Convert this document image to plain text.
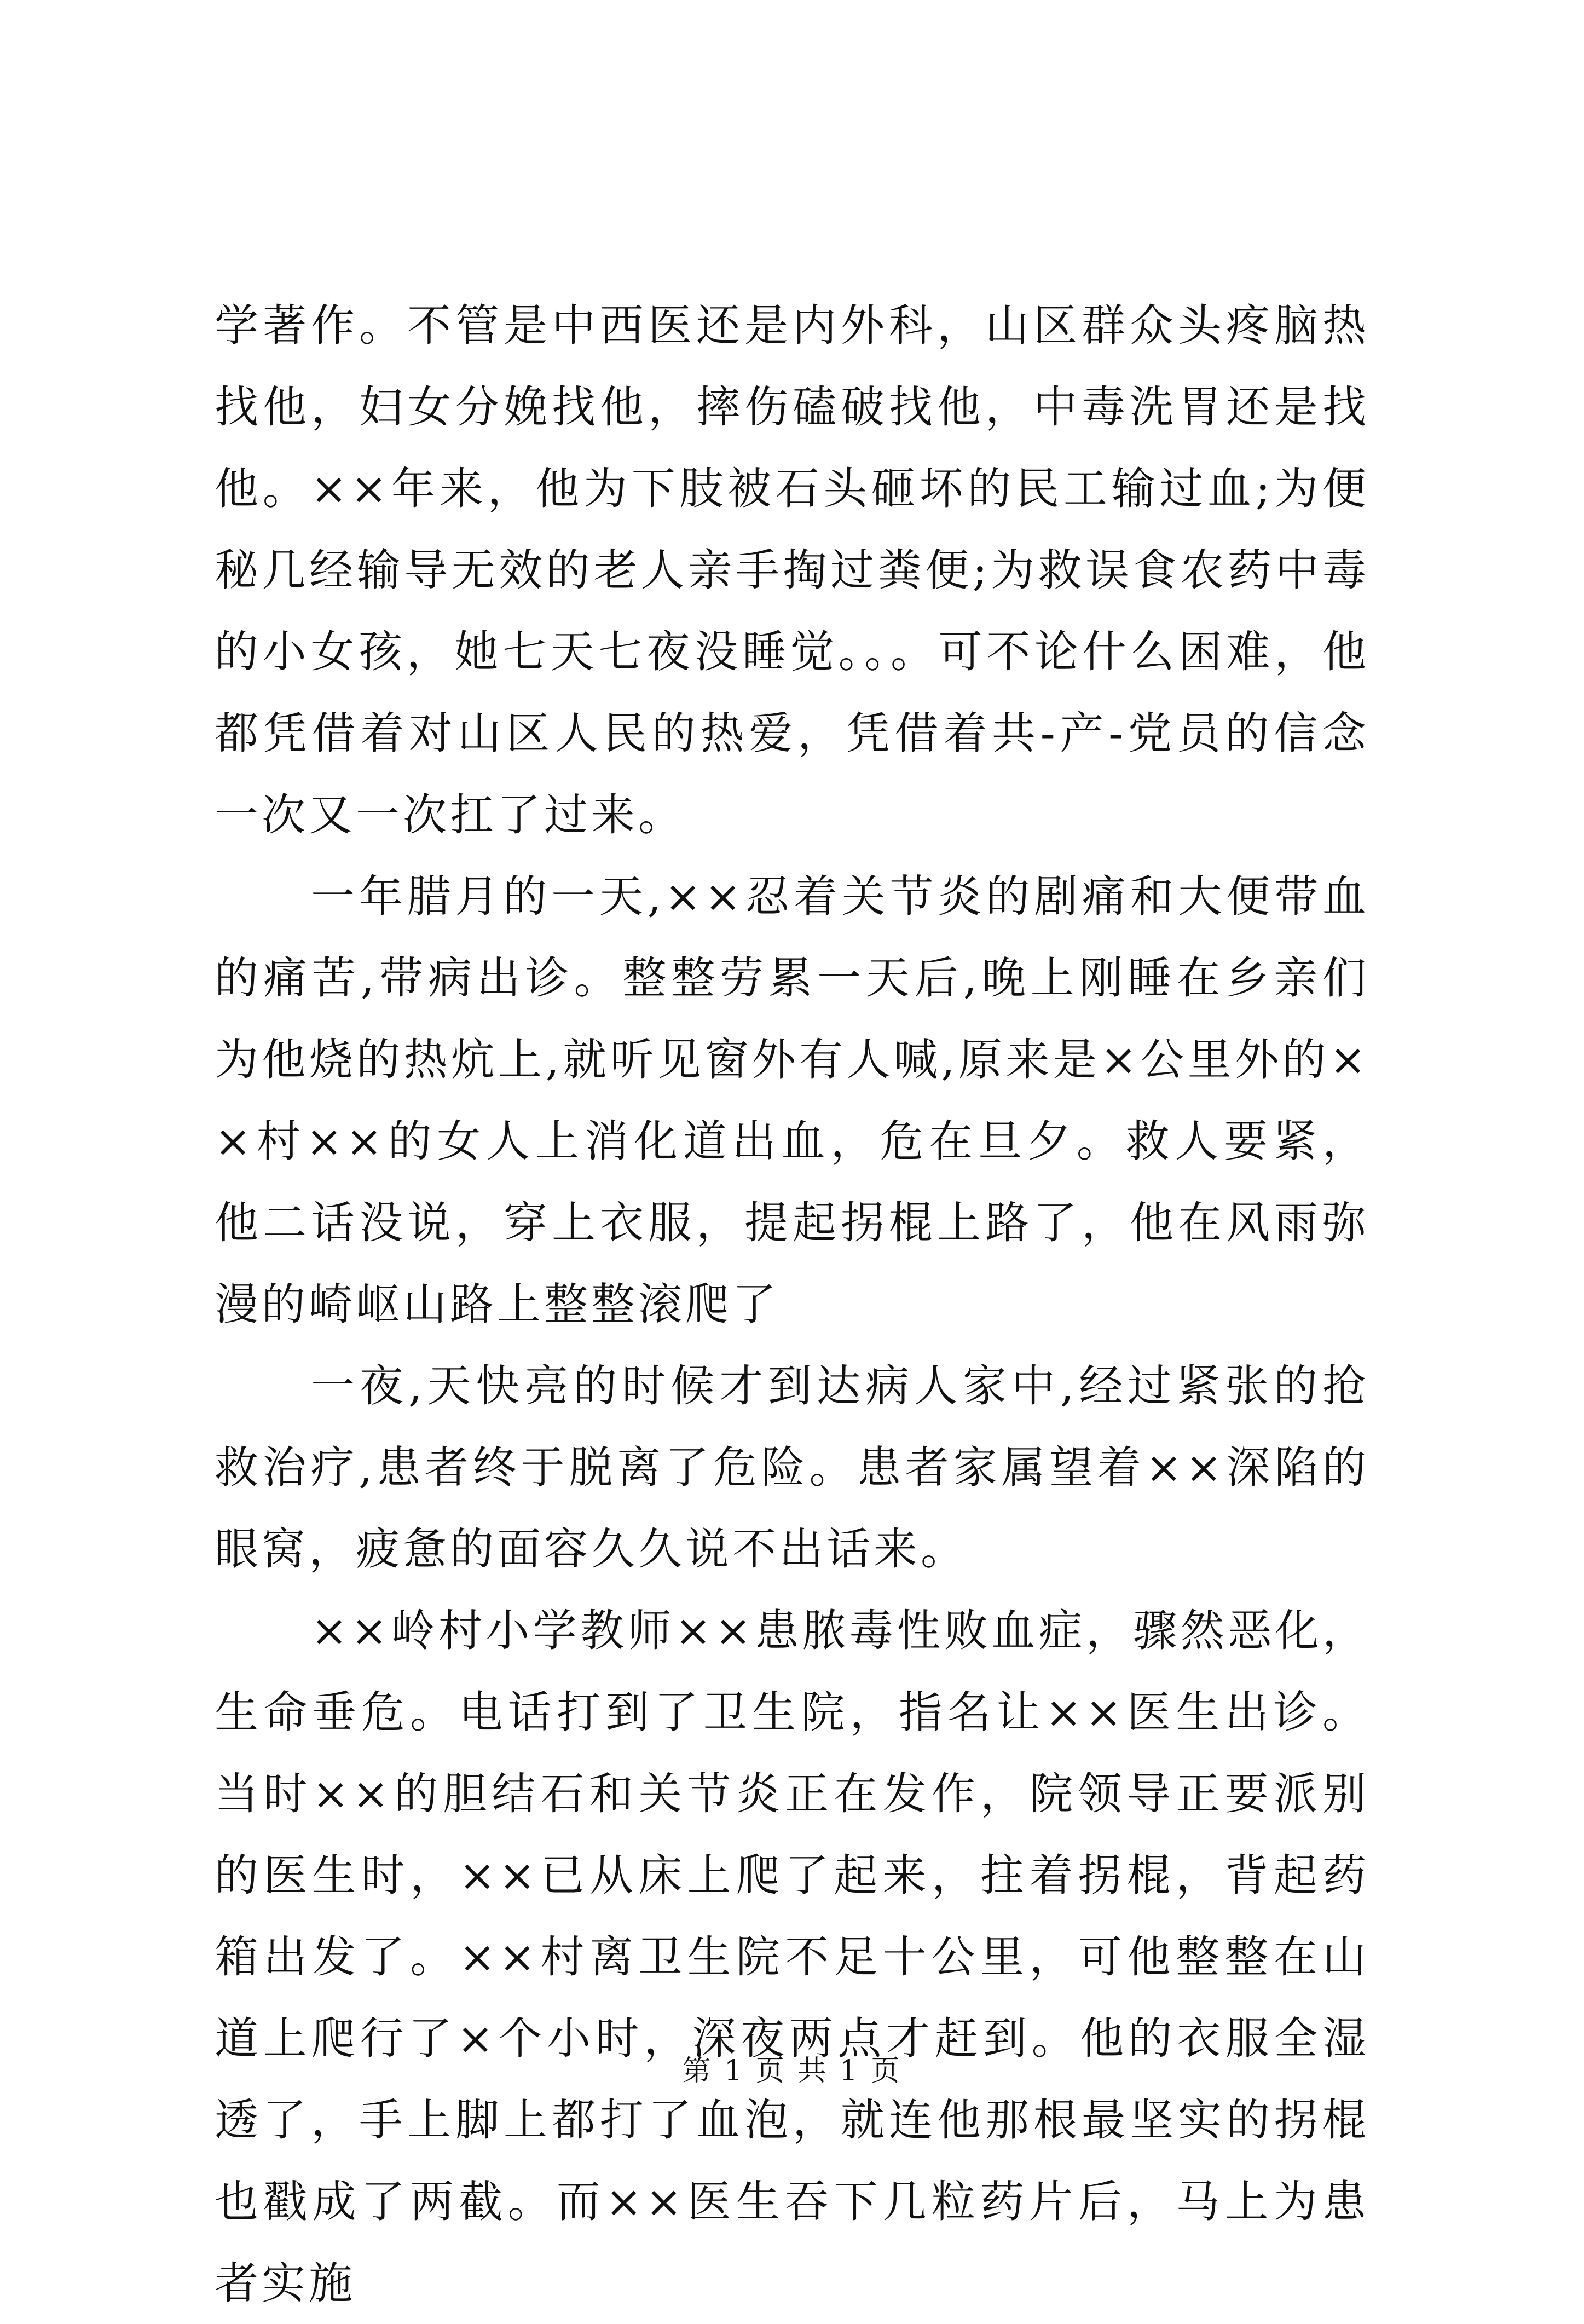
学著作。不管是中西医还是内外科，山区群众头疼脑热找他，妇女分娩找他，摔伤磕破找他，中毒洗胃还是找他。××年来，他为下肢被石头砸坏的民工输过血;为便秘几经输导无效的老人亲手掏过粪便;为救误食农药中毒的小女孩，她七天七夜没睡觉。。。可不论什么困难，他都凭借着对山区人民的热爱，凭借着共-产-党员的信念一次又一次扛了过来。

一年腊月的一天,××忍着关节炎的剧痛和大便带血的痛苦,带病出诊。整整劳累一天后,晚上刚睡在乡亲们为他烧的热炕上,就听见窗外有人喊,原来是×公里外的××村××的女人上消化道出血，危在旦夕。救人要紧，他二话没说，穿上衣服，提起拐棍上路了，他在风雨弥漫的崎岖山路上整整滚爬了

一夜,天快亮的时候才到达病人家中,经过紧张的抢救治疗,患者终于脱离了危险。患者家属望着××深陷的眼窝，疲惫的面容久久说不出话来。

××岭村小学教师××患脓毒性败血症，骤然恶化，生命垂危。电话打到了卫生院，指名让××医生出诊。当时××的胆结石和关节炎正在发作，院领导正要派别的医生时，××已从床上爬了起来，拄着拐棍，背起药箱出发了。××村离卫生院不足十公里，可他整整在山道上爬行了×个小时，深夜两点才赶到。他的衣服全湿透了，手上脚上都打了血泡，就连他那根最坚实的拐棍也戳成了两截。而××医生吞下几粒药片后，马上为患者实施

第 1 页 共 1 页
